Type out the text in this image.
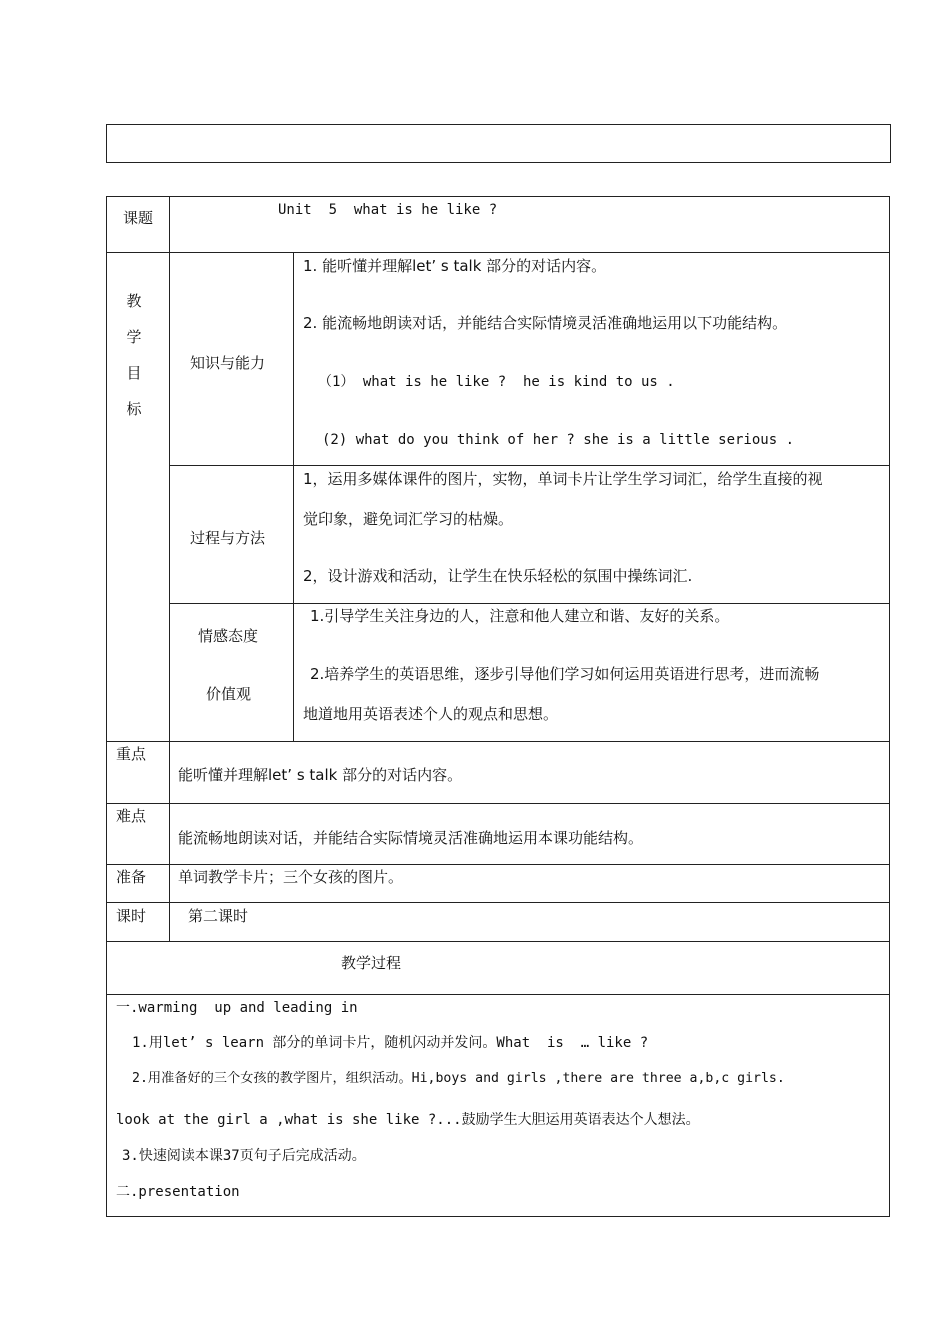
课题	Unit  5  what is he like ?
教
学
目
标
知识与能力
1. 能听懂并理解let’ s talk 部分的对话内容。
2. 能流畅地朗读对话，并能结合实际情境灵活准确地运用以下功能结构。
（1） what is he like ?  he is kind to us .
(2) what do you think of her ? she is a little serious .
过程与方法
1，运用多媒体课件的图片，实物，单词卡片让学生学习词汇，给学生直接的视
觉印象，避免词汇学习的枯燥。
2，设计游戏和活动，让学生在快乐轻松的氛围中操练词汇.
情感态度
价值观
1.引导学生关注身边的人，注意和他人建立和谐、友好的关系。
2.培养学生的英语思维，逐步引导他们学习如何运用英语进行思考，进而流畅
地道地用英语表述个人的观点和思想。
重点
能听懂并理解let’ s talk 部分的对话内容。
难点
能流畅地朗读对话，并能结合实际情境灵活准确地运用本课功能结构。
准备 单词教学卡片；三个女孩的图片。
课时	第二课时
教学过程
一.warming  up and leading in
1.用let’ s learn 部分的单词卡片，随机闪动并发问。What  is  … like ?
2.用准备好的三个女孩的教学图片，组织活动。Hi,boys and girls ,there are three a,b,c girls.
look at the girl a ,what is she like ?...鼓励学生大胆运用英语表达个人想法。
3.快速阅读本课37页句子后完成活动。
二.presentation
